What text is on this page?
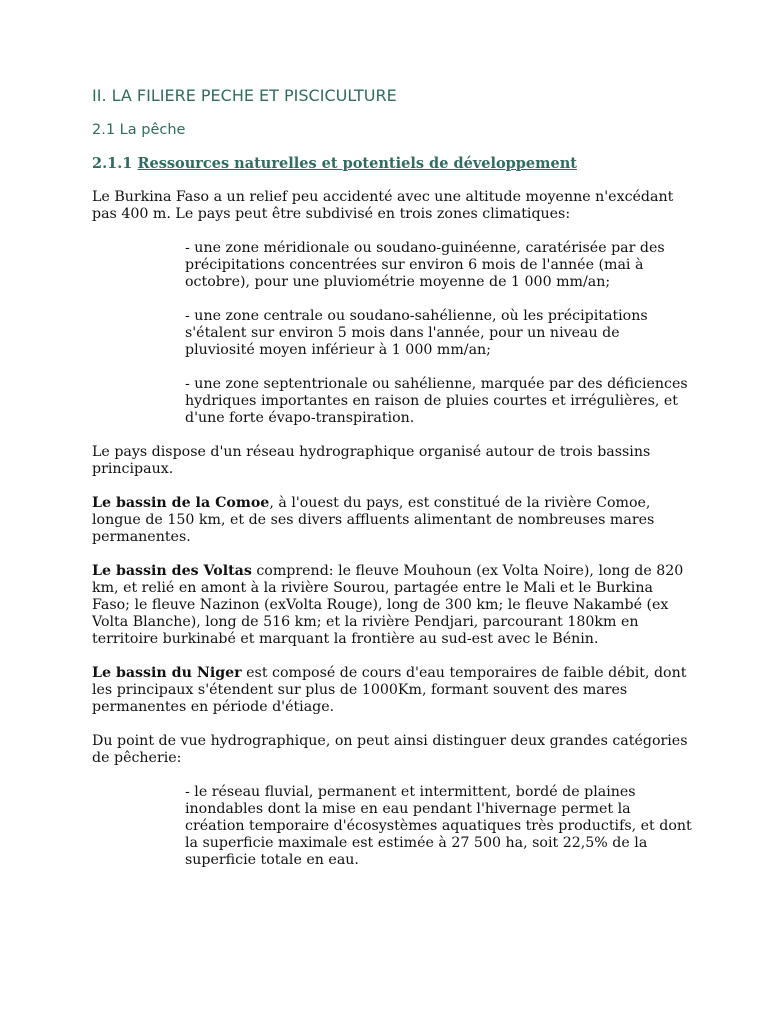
II. LA FILIERE PECHE ET PISCICULTURE
2.1 La pêche
2.1.1 Ressources naturelles et potentiels de développement

Le Burkina Faso a un relief peu accidenté avec une altitude moyenne n'excédant pas 400 m. Le pays peut être subdivisé en trois zones climatiques:

- une zone méridionale ou soudano-guinéenne, caratérisée par des précipitations concentrées sur environ 6 mois de l'année (mai à octobre), pour une pluviométrie moyenne de 1 000 mm/an;

- une zone centrale ou soudano-sahélienne, où les précipitations s'étalent sur environ 5 mois dans l'année, pour un niveau de pluviosité moyen inférieur à 1 000 mm/an;

- une zone septentrionale ou sahélienne, marquée par des déficiences hydriques importantes en raison de pluies courtes et irrégulières, et d'une forte évapo-transpiration.

Le pays dispose d'un réseau hydrographique organisé autour de trois bassins principaux.

Le bassin de la Comoe, à l'ouest du pays, est constitué de la rivière Comoe, longue de 150 km, et de ses divers affluents alimentant de nombreuses mares permanentes.

Le bassin des Voltas comprend: le fleuve Mouhoun (ex Volta Noire), long de 820 km, et relié en amont à la rivière Sourou, partagée entre le Mali et le Burkina Faso; le fleuve Nazinon (exVolta Rouge), long de 300 km; le fleuve Nakambé (ex Volta Blanche), long de 516 km; et la rivière Pendjari, parcourant 180km en territoire burkinabé et marquant la frontière au sud-est avec le Bénin.

Le bassin du Niger est composé de cours d'eau temporaires de faible débit, dont les principaux s'étendent sur plus de 1000Km, formant souvent des mares permanentes en période d'étiage.

Du point de vue hydrographique, on peut ainsi distinguer deux grandes catégories de pêcherie:

- le réseau fluvial, permanent et intermittent, bordé de plaines inondables dont la mise en eau pendant l'hivernage permet la création temporaire d'écosystèmes aquatiques très productifs, et dont la superficie maximale est estimée à 27 500 ha, soit 22,5% de la superficie totale en eau.
